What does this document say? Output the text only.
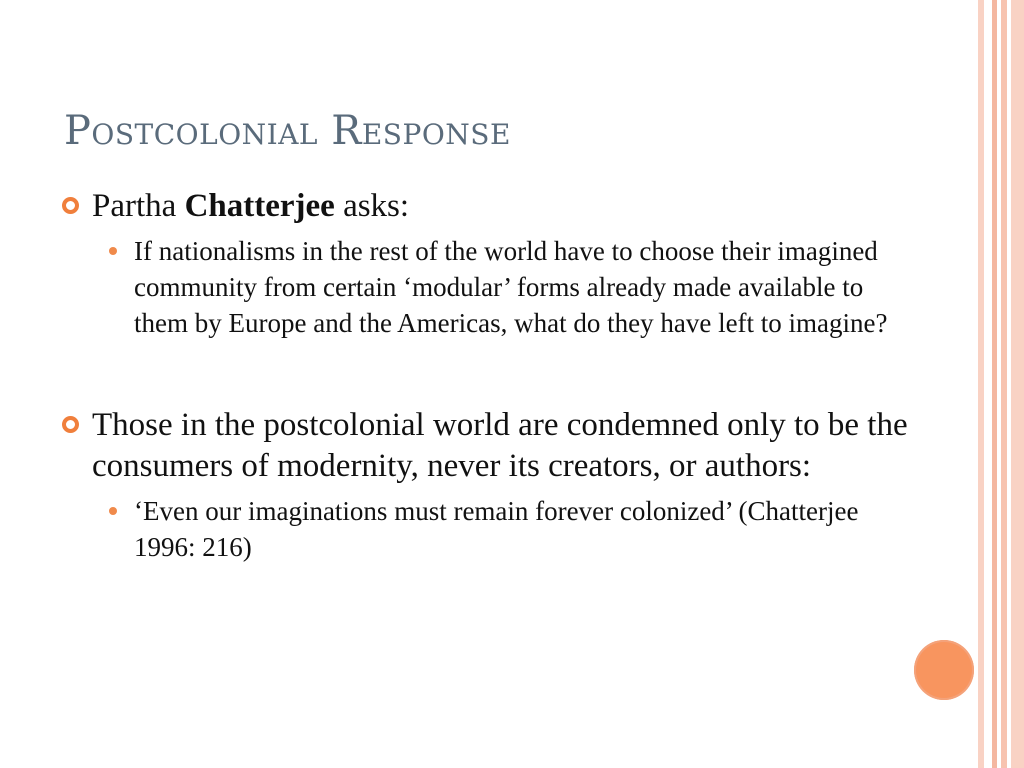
Postcolonial Response
Partha Chatterjee asks:
If nationalisms in the rest of the world have to choose their imagined community from certain ‘modular’ forms already made available to them by Europe and the Americas, what do they have left to imagine?
Those in the postcolonial world are condemned only to be the consumers of modernity, never its creators, or authors:
‘Even our imaginations must remain forever colonized’ (Chatterjee 1996: 216)
